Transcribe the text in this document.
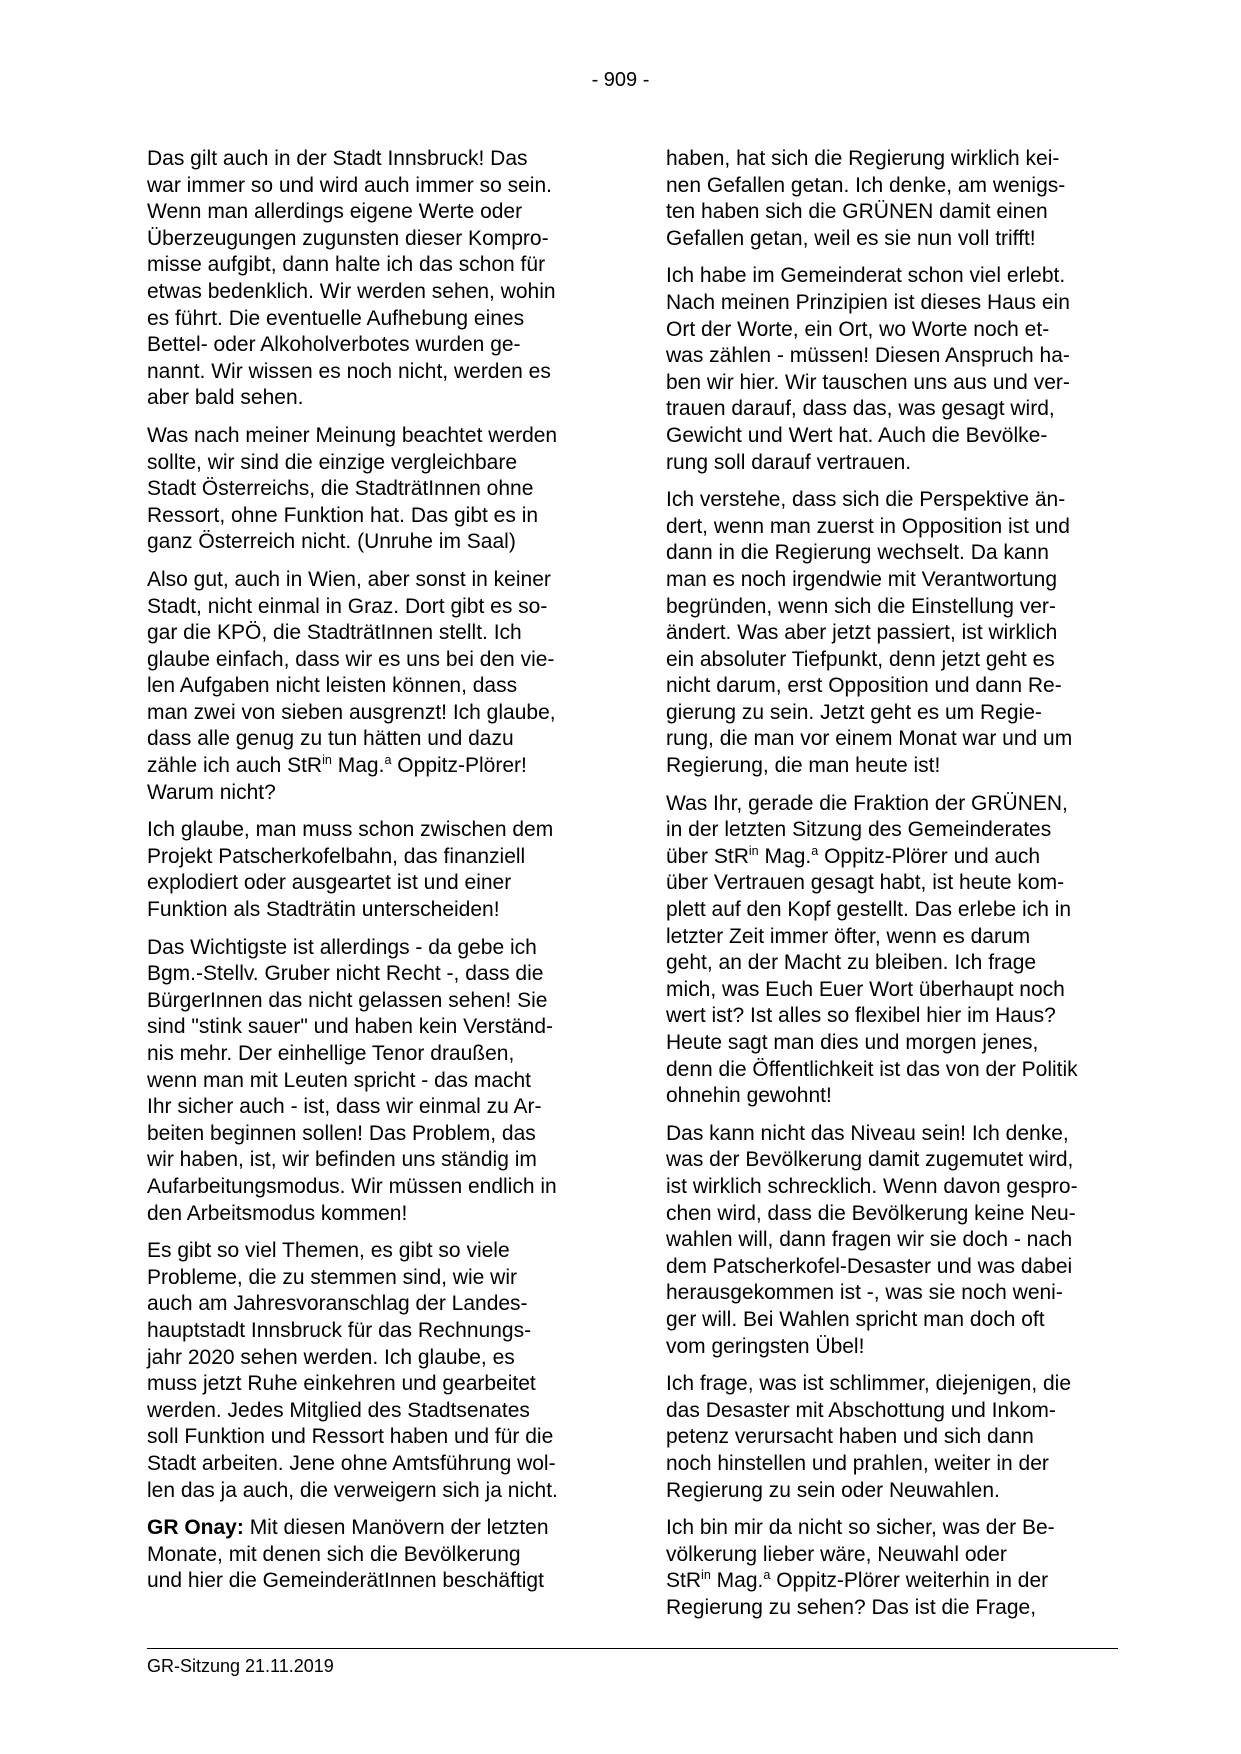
- 909 -

Das gilt auch in der Stadt Innsbruck! Das
war immer so und wird auch immer so sein.
Wenn man allerdings eigene Werte oder
Überzeugungen zugunsten dieser Kompro-
misse aufgibt, dann halte ich das schon für
etwas bedenklich. Wir werden sehen, wohin
es führt. Die eventuelle Aufhebung eines
Bettel- oder Alkoholverbotes wurden ge-
nannt. Wir wissen es noch nicht, werden es
aber bald sehen.

Was nach meiner Meinung beachtet werden
sollte, wir sind die einzige vergleichbare
Stadt Österreichs, die StadträtInnen ohne
Ressort, ohne Funktion hat. Das gibt es in
ganz Österreich nicht. (Unruhe im Saal)

Also gut, auch in Wien, aber sonst in keiner
Stadt, nicht einmal in Graz. Dort gibt es so-
gar die KPÖ, die StadträtInnen stellt. Ich
glaube einfach, dass wir es uns bei den vie-
len Aufgaben nicht leisten können, dass
man zwei von sieben ausgrenzt! Ich glaube,
dass alle genug zu tun hätten und dazu
zähle ich auch StR$^{in}$ Mag.$^a$ Oppitz-Plörer!
Warum nicht?

Ich glaube, man muss schon zwischen dem
Projekt Patscherkofelbahn, das finanziell
explodiert oder ausgeartet ist und einer
Funktion als Stadträtin unterscheiden!

Das Wichtigste ist allerdings - da gebe ich
Bgm.-Stellv. Gruber nicht Recht -, dass die
BürgerInnen das nicht gelassen sehen! Sie
sind "stink sauer" und haben kein Verständ-
nis mehr. Der einhellige Tenor draußen,
wenn man mit Leuten spricht - das macht
Ihr sicher auch - ist, dass wir einmal zu Ar-
beiten beginnen sollen! Das Problem, das
wir haben, ist, wir befinden uns ständig im
Aufarbeitungsmodus. Wir müssen endlich in
den Arbeitsmodus kommen!

Es gibt so viel Themen, es gibt so viele
Probleme, die zu stemmen sind, wie wir
auch am Jahresvoranschlag der Landes-
hauptstadt Innsbruck für das Rechnungs-
jahr 2020 sehen werden. Ich glaube, es
muss jetzt Ruhe einkehren und gearbeitet
werden. Jedes Mitglied des Stadtsenates
soll Funktion und Ressort haben und für die
Stadt arbeiten. Jene ohne Amtsführung wol-
len das ja auch, die verweigern sich ja nicht.

GR Onay: Mit diesen Manövern der letzten
Monate, mit denen sich die Bevölkerung
und hier die GemeinderätInnen beschäftigt

haben, hat sich die Regierung wirklich kei-
nen Gefallen getan. Ich denke, am wenigs-
ten haben sich die GRÜNEN damit einen
Gefallen getan, weil es sie nun voll trifft!

Ich habe im Gemeinderat schon viel erlebt.
Nach meinen Prinzipien ist dieses Haus ein
Ort der Worte, ein Ort, wo Worte noch et-
was zählen - müssen! Diesen Anspruch ha-
ben wir hier. Wir tauschen uns aus und ver-
trauen darauf, dass das, was gesagt wird,
Gewicht und Wert hat. Auch die Bevölke-
rung soll darauf vertrauen.

Ich verstehe, dass sich die Perspektive än-
dert, wenn man zuerst in Opposition ist und
dann in die Regierung wechselt. Da kann
man es noch irgendwie mit Verantwortung
begründen, wenn sich die Einstellung ver-
ändert. Was aber jetzt passiert, ist wirklich
ein absoluter Tiefpunkt, denn jetzt geht es
nicht darum, erst Opposition und dann Re-
gierung zu sein. Jetzt geht es um Regie-
rung, die man vor einem Monat war und um
Regierung, die man heute ist!

Was Ihr, gerade die Fraktion der GRÜNEN,
in der letzten Sitzung des Gemeinderates
über StR$^{in}$ Mag.$^a$ Oppitz-Plörer und auch
über Vertrauen gesagt habt, ist heute kom-
plett auf den Kopf gestellt. Das erlebe ich in
letzter Zeit immer öfter, wenn es darum
geht, an der Macht zu bleiben. Ich frage
mich, was Euch Euer Wort überhaupt noch
wert ist? Ist alles so flexibel hier im Haus?
Heute sagt man dies und morgen jenes,
denn die Öffentlichkeit ist das von der Politik
ohnehin gewohnt!

Das kann nicht das Niveau sein! Ich denke,
was der Bevölkerung damit zugemutet wird,
ist wirklich schrecklich. Wenn davon gespro-
chen wird, dass die Bevölkerung keine Neu-
wahlen will, dann fragen wir sie doch - nach
dem Patscherkofel-Desaster und was dabei
herausgekommen ist -, was sie noch weni-
ger will. Bei Wahlen spricht man doch oft
vom geringsten Übel!

Ich frage, was ist schlimmer, diejenigen, die
das Desaster mit Abschottung und Inkom-
petenz verursacht haben und sich dann
noch hinstellen und prahlen, weiter in der
Regierung zu sein oder Neuwahlen.

Ich bin mir da nicht so sicher, was der Be-
völkerung lieber wäre, Neuwahl oder
StR$^{in}$ Mag.$^a$ Oppitz-Plörer weiterhin in der
Regierung zu sehen? Das ist die Frage,

GR-Sitzung 21.11.2019
